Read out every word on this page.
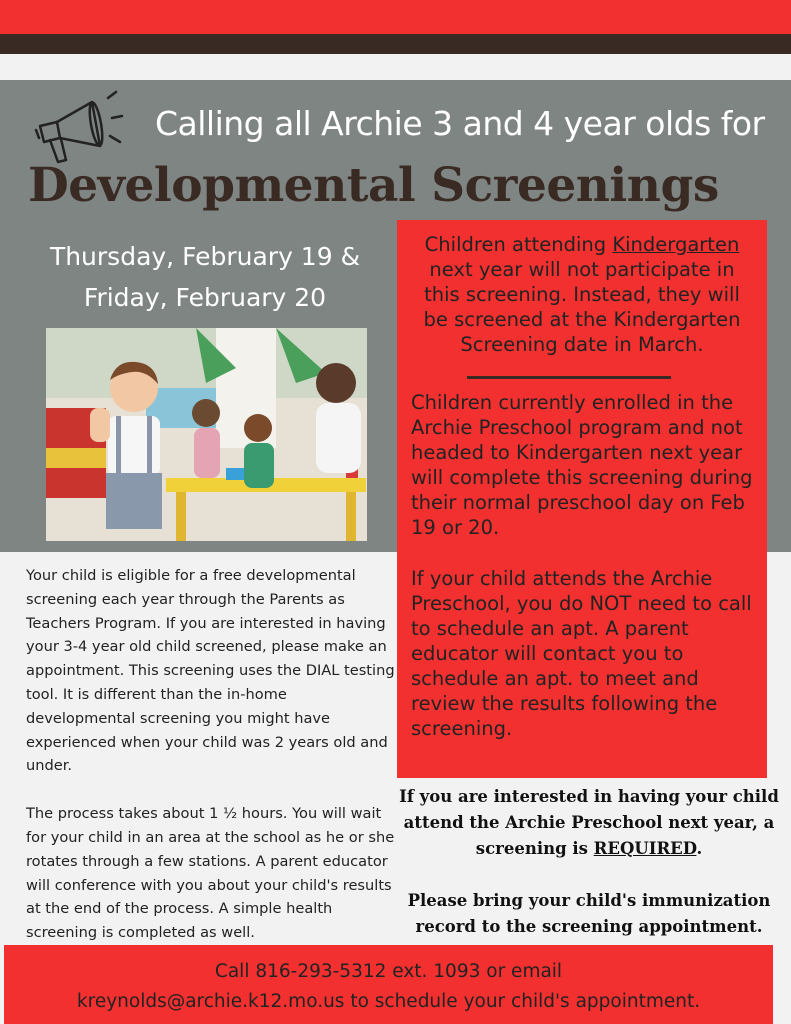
Calling all Archie 3 and 4 year olds for
Developmental Screenings
Thursday, February 19 &
Friday, February 20
Children attending Kindergarten next year will not participate in this screening. Instead, they will be screened at the Kindergarten Screening date in March.
Children currently enrolled in the Archie Preschool program and not headed to Kindergarten next year will complete this screening during their normal preschool day on Feb 19 or 20.
If your child attends the Archie Preschool, you do NOT need to call to schedule an apt. A parent educator will contact you to schedule an apt. to meet and review the results following the screening.

Your child is eligible for a free developmental screening each year through the Parents as Teachers Program. If you are interested in having your 3-4 year old child screened, please make an appointment. This screening uses the DIAL testing tool. It is different than the in-home developmental screening you might have experienced when your child was 2 years old and under.

The process takes about 1 ½ hours. You will wait for your child in an area at the school as he or she rotates through a few stations. A parent educator will conference with you about your child's results at the end of the process. A simple health screening is completed as well.

If you are interested in having your child attend the Archie Preschool next year, a screening is REQUIRED.
Please bring your child's immunization record to the screening appointment.
Call 816-293-5312 ext. 1093 or email
kreynolds@archie.k12.mo.us to schedule your child's appointment.
